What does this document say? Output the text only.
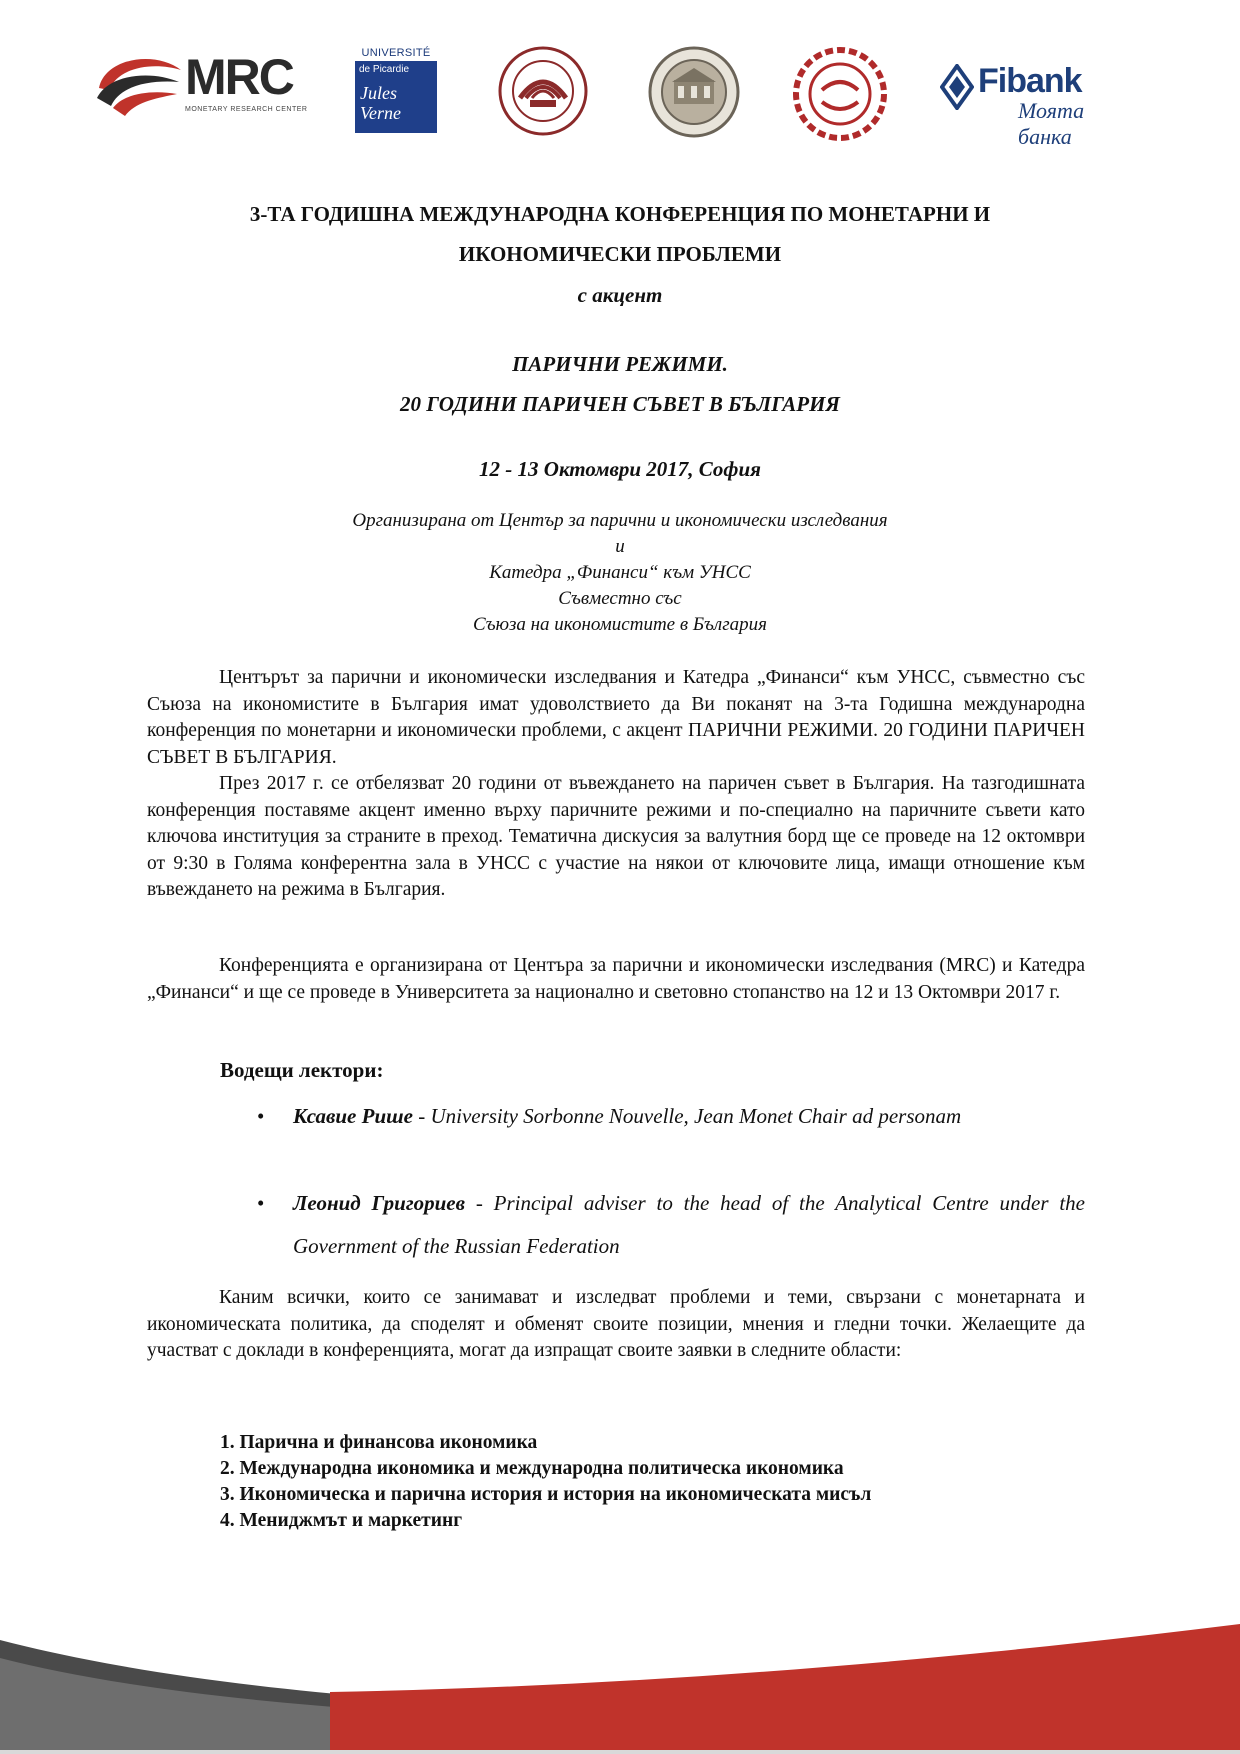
MRC
MONETARY RESEARCH CENTER
UNIVERSITÉ
de Picardie
Jules Verne
Fibank
Моята банка
3-ТА ГОДИШНА МЕЖДУНАРОДНА КОНФЕРЕНЦИЯ ПО МОНЕТАРНИ И
ИКОНОМИЧЕСКИ ПРОБЛЕМИ
с акцент
ПАРИЧНИ РЕЖИМИ.
20 ГОДИНИ ПАРИЧЕН СЪВЕТ В БЪЛГАРИЯ
12 - 13 Октомври 2017, София
Организирана от Център за парични и икономически изследвания
и
Катедра „Финанси“ към УНСС
Съвместно със
Съюза на икономистите в България
Центърът за парични и икономически изследвания и Катедра „Финанси“ към УНСС, съвместно със Съюза на икономистите в България имат удоволствието да Ви поканят на 3-та Годишна международна конференция по монетарни и икономически проблеми, с акцент ПАРИЧНИ РЕЖИМИ. 20 ГОДИНИ ПАРИЧЕН СЪВЕТ В БЪЛГАРИЯ.
През 2017 г. се отбелязват 20 години от въвеждането на паричен съвет в България. На тазгодишната конференция поставяме акцент именно върху паричните режими и по-специално на паричните съвети като ключова институция за страните в преход. Тематична дискусия за валутния борд ще се проведе на 12 октомври от 9:30 в Голяма конферентна зала в УНСС с участие на някои от ключовите лица, имащи отношение към въвеждането на режима в България.
Конференцията е организирана от Центъра за парични и икономически изследвания (MRC) и Катедра „Финанси“ и ще се проведе в Университета за национално и световно стопанство на 12 и 13 Октомври 2017 г.
Водещи лектори:
• Ксавие Рише - University Sorbonne Nouvelle, Jean Monet Chair ad personam
• Леонид Григориев - Principal adviser to the head of the Analytical Centre under the Government of the Russian Federation
Каним всички, които се занимават и изследват проблеми и теми, свързани с монетарната и икономическата политика, да споделят и обменят своите позиции, мнения и гледни точки. Желаещите да участват с доклади в конференцията, могат да изпращат своите заявки в следните области:
1. Парична и финансова икономика
2. Международна икономика и международна политическа икономика
3. Икономическа и парична история и история на икономическата мисъл
4. Мениджмът и маркетинг
